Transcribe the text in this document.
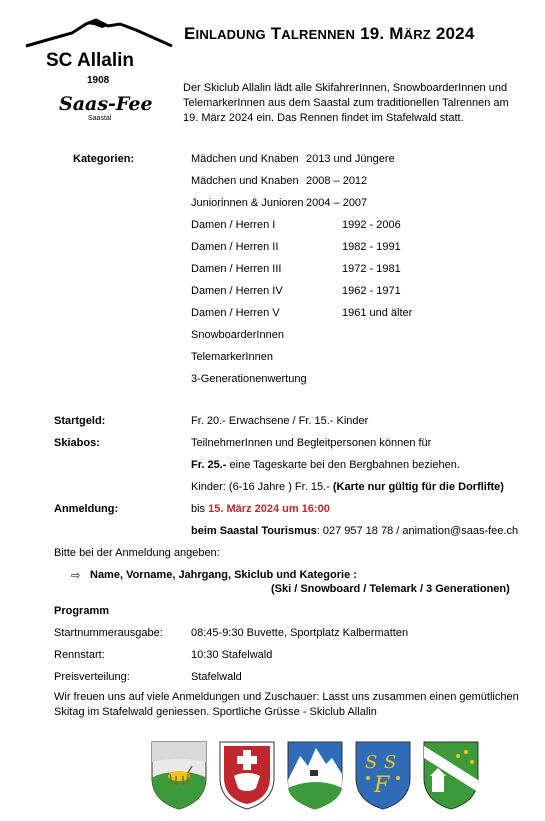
SC Allalin
1908
Saas-Fee
Saastal
EINLADUNG TALRENNEN 19. MÄRZ 2024
Der Skiclub Allalin lädt alle SkifahrerInnen, SnowboarderInnen und TelemarkerInnen aus dem Saastal zum traditionellen Talrennen am 19. März 2024 ein. Das Rennen findet im Stafelwald statt.
Kategorien:	Mädchen und Knaben 2013 und Jüngere
Mädchen und Knaben 2008 – 2012
Juniorinnen & Junioren 2004 – 2007
Damen / Herren I	1992 - 2006
Damen / Herren II	1982 - 1991
Damen / Herren III	1972 - 1981
Damen / Herren IV	1962 - 1971
Damen / Herren V	1961 und älter
SnowboarderInnen
TelemarkerInnen
3-Generationenwertung
Startgeld:	Fr. 20.- Erwachsene / Fr. 15.- Kinder
Skiabos:	TeilnehmerInnen und Begleitpersonen können für
Fr. 25.- eine Tageskarte bei den Bergbahnen beziehen.
Kinder: (6-16 Jahre ) Fr. 15.- (Karte nur gültig für die Dorflifte)
Anmeldung:	bis 15. März 2024 um 16:00
beim Saastal Tourismus: 027 957 18 78 / animation@saas-fee.ch
Bitte bei der Anmeldung angeben:
⇨ Name, Vorname, Jahrgang, Skiclub und Kategorie :
(Ski / Snowboard / Telemark / 3 Generationen)
Programm
Startnummerausgabe:	08:45-9:30 Buvette, Sportplatz Kalbermatten
Rennstart:	10:30 Stafelwald
Preisverteilung:	Stafelwald
Wir freuen uns auf viele Anmeldungen und Zuschauer: Lasst uns zusammen einen gemütlichen Skitag im Stafelwald geniessen. Sportliche Grüsse - Skiclub Allalin
S S
F
